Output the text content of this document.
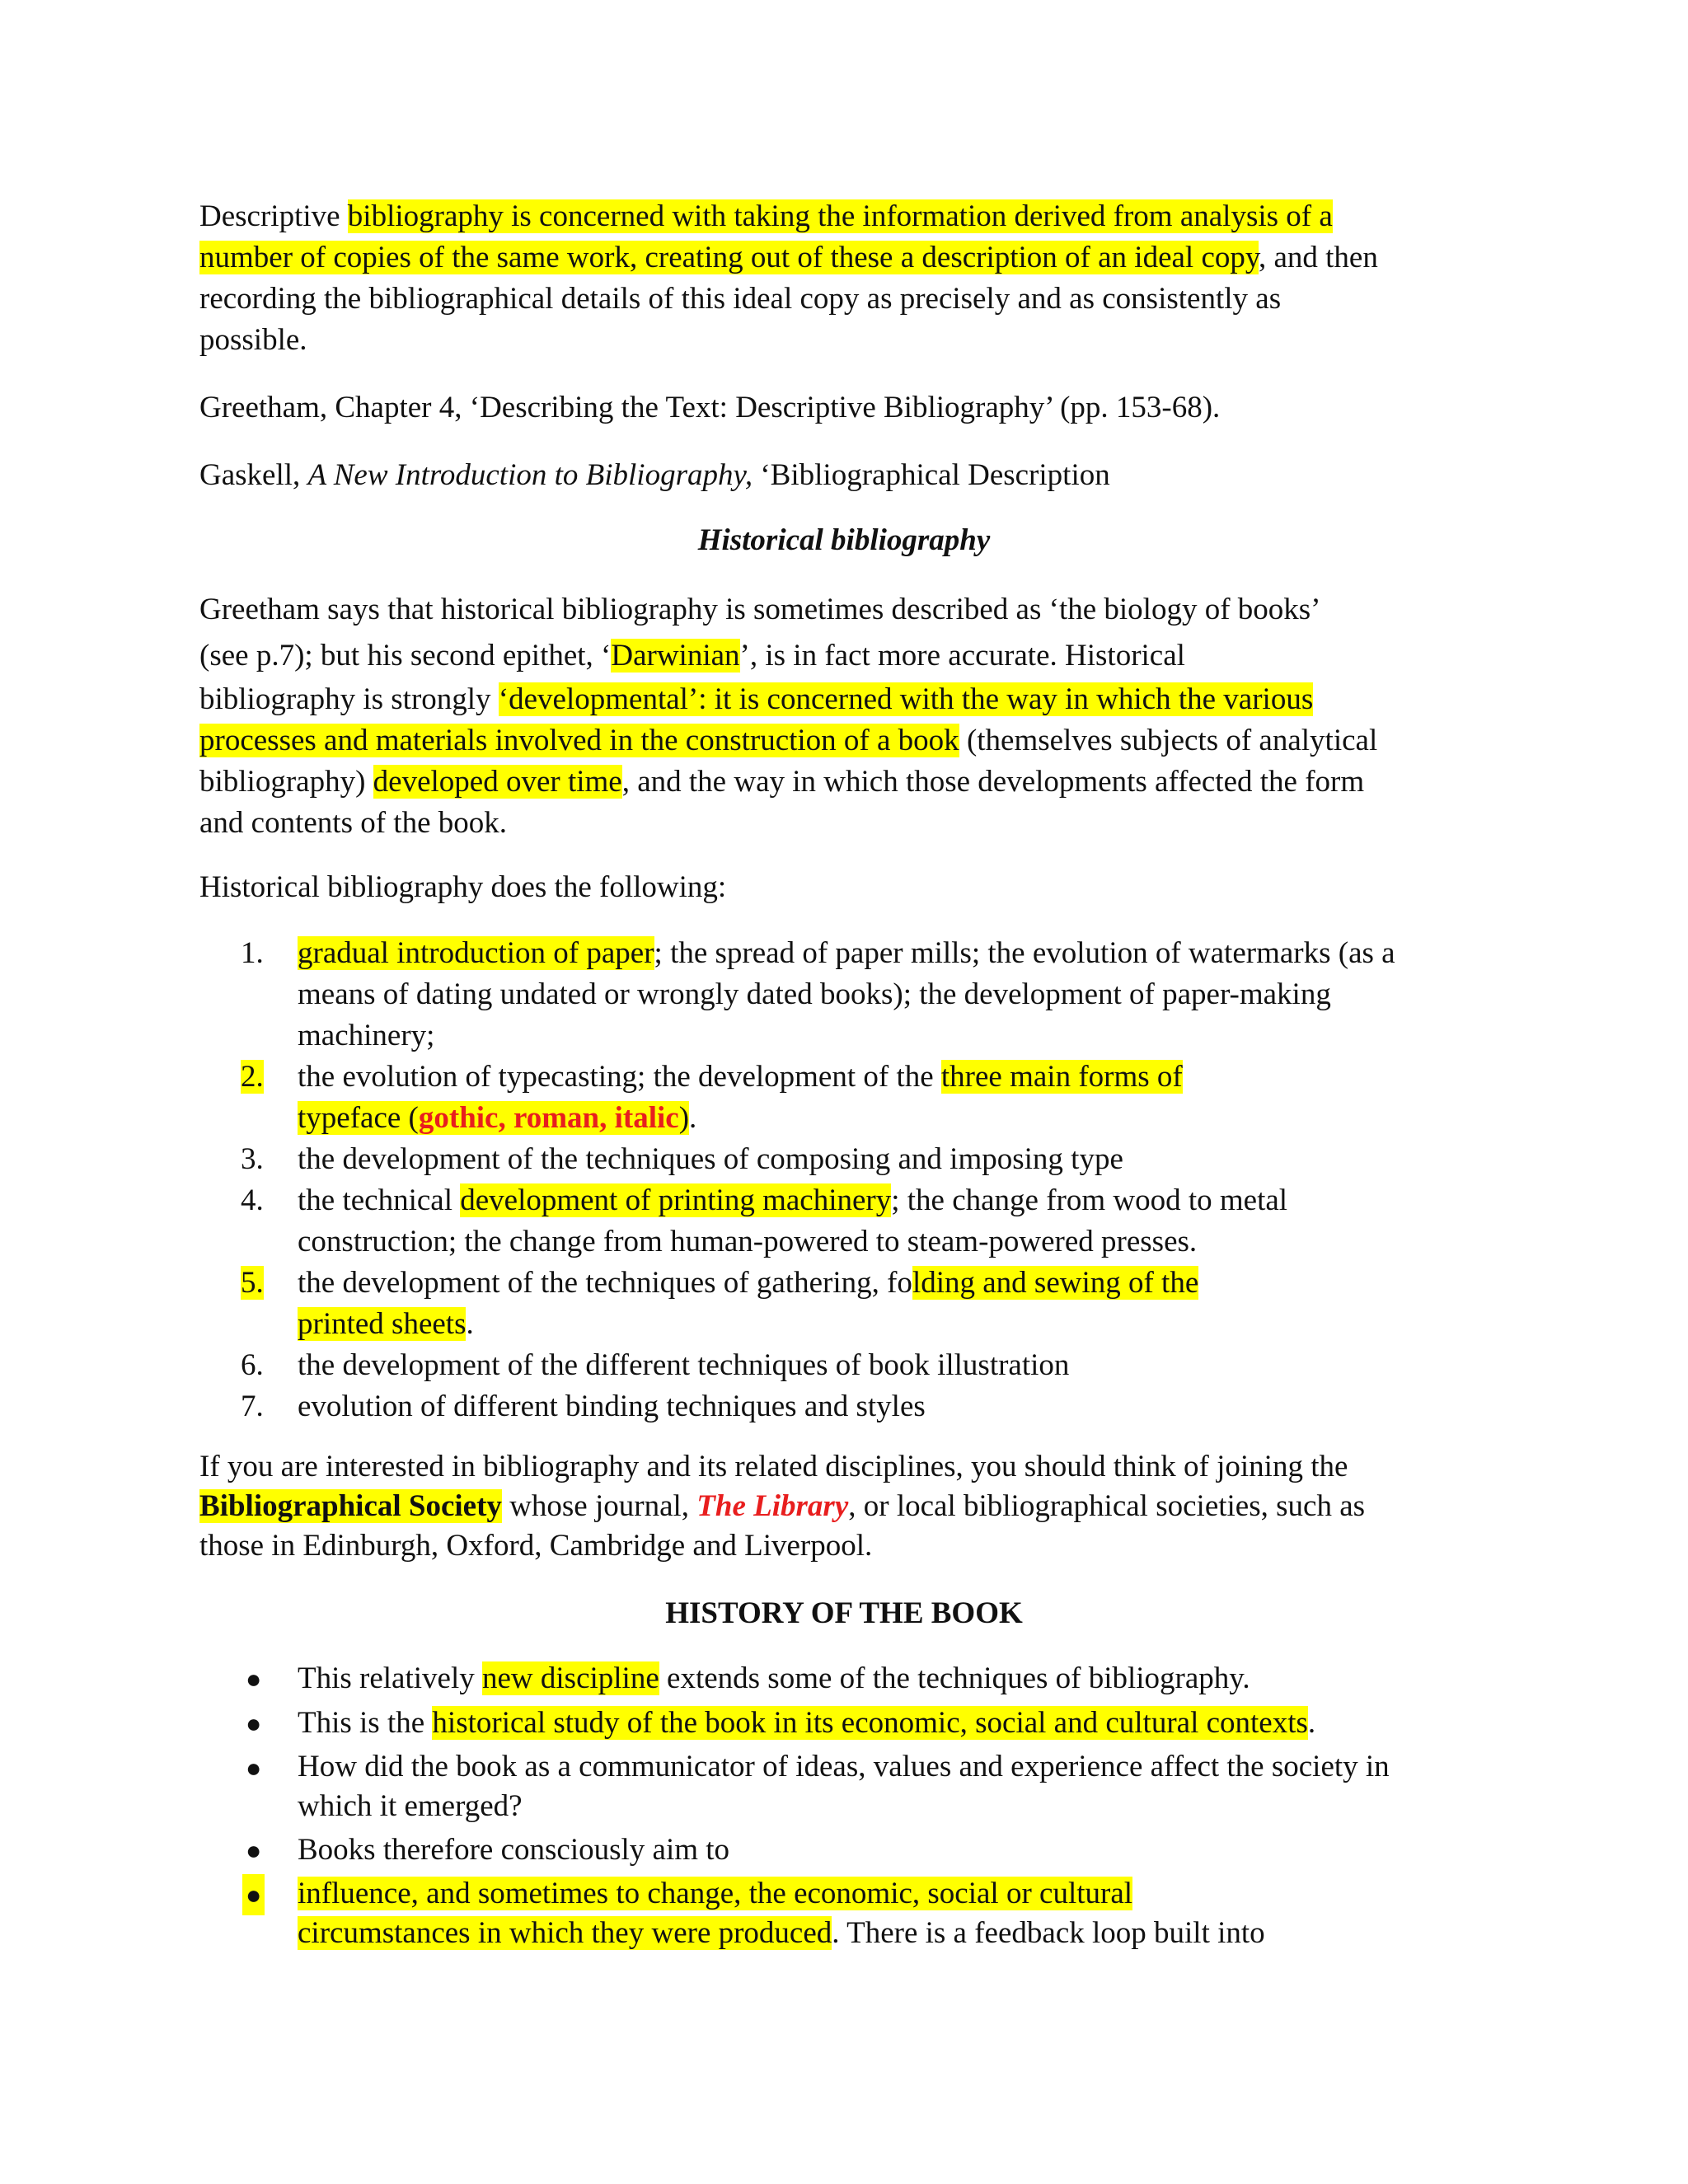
Descriptive bibliography is concerned with taking the information derived from analysis of a
number of copies of the same work, creating out of these a description of an ideal copy, and then
recording the bibliographical details of this ideal copy as precisely and as consistently as
possible.
Greetham, Chapter 4, ‘Describing the Text: Descriptive Bibliography’ (pp. 153‑68).
Gaskell, A New Introduction to Bibliography, ‘Bibliographical Description
Historical bibliography
Greetham says that historical bibliography is sometimes described as ‘the biology of books’
(see p.7); but his second epithet, ‘Darwinian’, is in fact more accurate. Historical
bibliography is strongly ‘developmental’: it is concerned with the way in which the various
processes and materials involved in the construction of a book (themselves subjects of analytical
bibliography) developed over time, and the way in which those developments affected the form
and contents of the book.
Historical bibliography does the following:
1.	gradual introduction of paper; the spread of paper mills; the evolution of watermarks (as a
means of dating undated or wrongly dated books); the development of paper-making
machinery;
2.	the evolution of typecasting; the development of the three main forms of
typeface (gothic, roman, italic).
3.	the development of the techniques of composing and imposing type
4.	the technical development of printing machinery; the change from wood to metal
construction; the change from human-powered to steam-powered presses.
5.	the development of the techniques of gathering, folding and sewing of the
printed sheets.
6.	the development of the different techniques of book illustration
7.	evolution of different binding techniques and styles
If you are interested in bibliography and its related disciplines, you should think of joining the
Bibliographical Society whose journal, The Library, or local bibliographical societies, such as
those in Edinburgh, Oxford, Cambridge and Liverpool.
HISTORY OF THE BOOK
● This relatively new discipline extends some of the techniques of bibliography.
● This is the historical study of the book in its economic, social and cultural contexts.
● How did the book as a communicator of ideas, values and experience affect the society in
which it emerged?
● Books therefore consciously aim to
● influence, and sometimes to change, the economic, social or cultural
circumstances in which they were produced. There is a feedback loop built into
